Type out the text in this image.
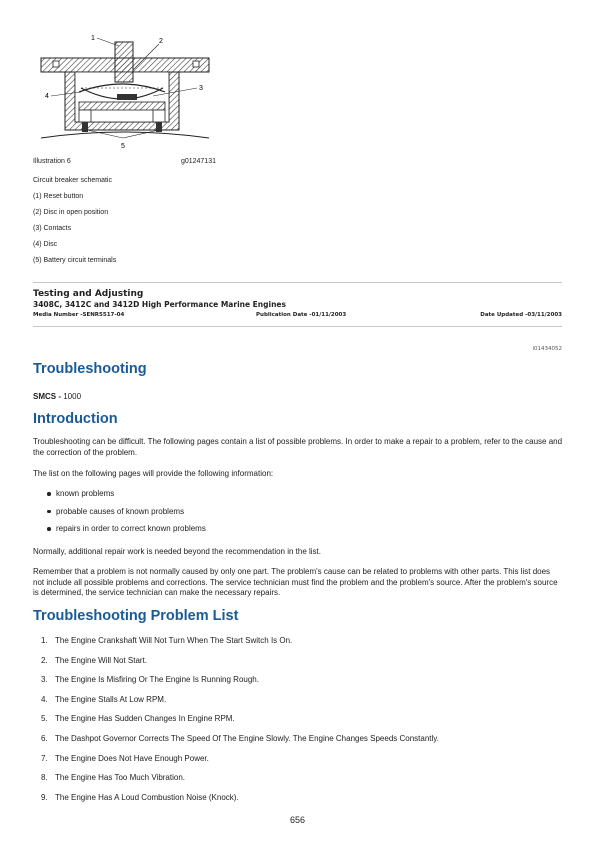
1	2
3
4
5
Illustration 6	g01247131
Circuit breaker schematic
(1) Reset button
(2) Disc in open position
(3) Contacts
(4) Disc
(5) Battery circuit terminals
Testing and Adjusting
3408C, 3412C and 3412D High Performance Marine Engines
Media Number -SENR5517-04	Publication Date -01/11/2003	Date Updated -03/11/2003
i01434052
Troubleshooting
SMCS - 1000
Introduction
Troubleshooting can be difficult. The following pages contain a list of possible problems. In order to make a repair to a problem, refer to the cause and the correction of the problem.
The list on the following pages will provide the following information:
known problems
probable causes of known problems
repairs in order to correct known problems
Normally, additional repair work is needed beyond the recommendation in the list.
Remember that a problem is not normally caused by only one part. The problem's cause can be related to problems with other parts. This list does not include all possible problems and corrections. The service technician must find the problem and the problem's source. After the problem's source is determined, the service technician can make the necessary repairs.
Troubleshooting Problem List
1. The Engine Crankshaft Will Not Turn When The Start Switch Is On.
2. The Engine Will Not Start.
3. The Engine Is Misfiring Or The Engine Is Running Rough.
4. The Engine Stalls At Low RPM.
5. The Engine Has Sudden Changes In Engine RPM.
6. The Dashpot Governor Corrects The Speed Of The Engine Slowly. The Engine Changes Speeds Constantly.
7. The Engine Does Not Have Enough Power.
8. The Engine Has Too Much Vibration.
9. The Engine Has A Loud Combustion Noise (Knock).
656
